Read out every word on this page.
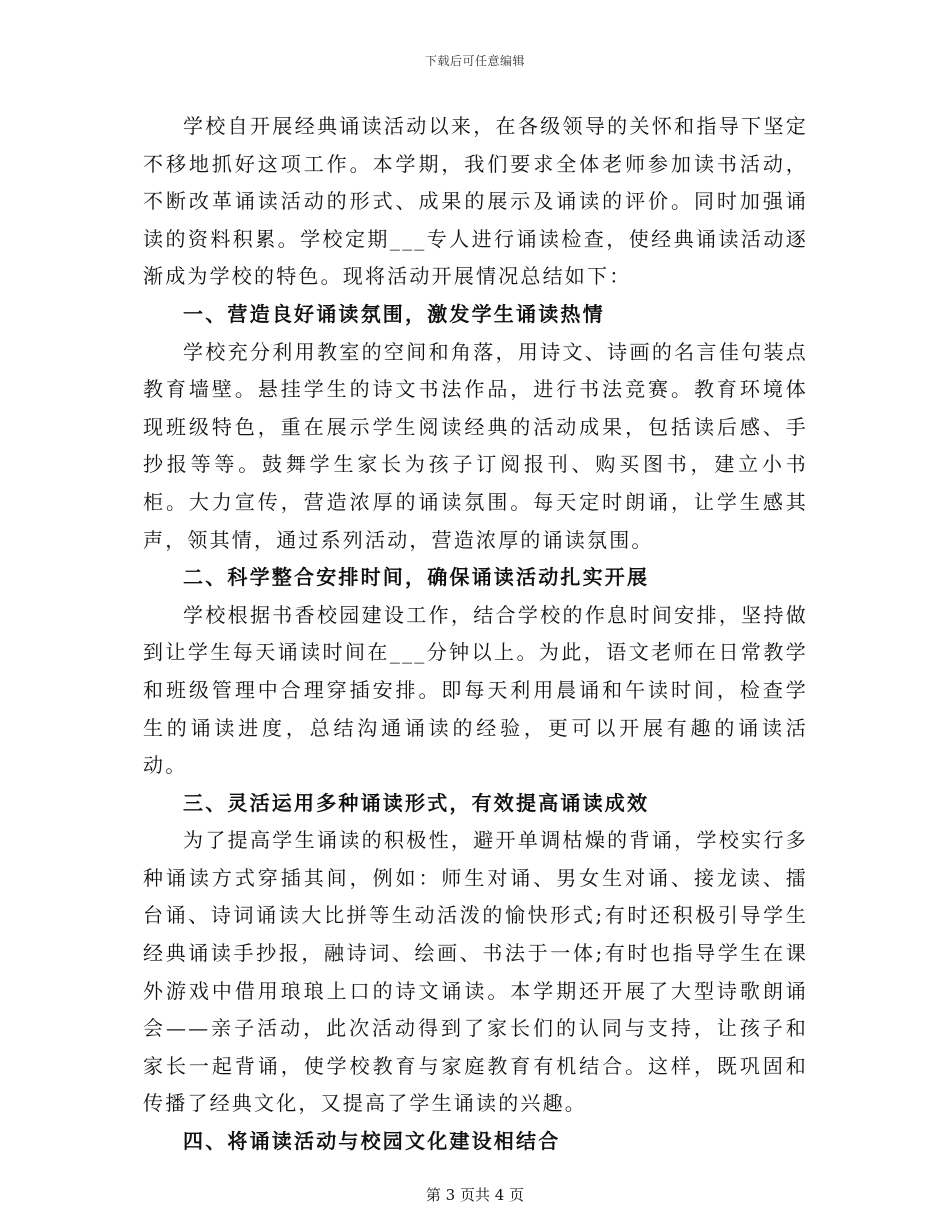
下载后可任意编辑

学校自开展经典诵读活动以来，在各级领导的关怀和指导下坚定不移地抓好这项工作。本学期，我们要求全体老师参加读书活动，不断改革诵读活动的形式、成果的展示及诵读的评价。同时加强诵读的资料积累。学校定期___专人进行诵读检查，使经典诵读活动逐渐成为学校的特色。现将活动开展情况总结如下：

一、营造良好诵读氛围，激发学生诵读热情

学校充分利用教室的空间和角落，用诗文、诗画的名言佳句装点教育墙壁。悬挂学生的诗文书法作品，进行书法竞赛。教育环境体现班级特色，重在展示学生阅读经典的活动成果，包括读后感、手抄报等等。鼓舞学生家长为孩子订阅报刊、购买图书，建立小书柜。大力宣传，营造浓厚的诵读氛围。每天定时朗诵，让学生感其声，领其情，通过系列活动，营造浓厚的诵读氛围。

二、科学整合安排时间，确保诵读活动扎实开展

学校根据书香校园建设工作，结合学校的作息时间安排，坚持做到让学生每天诵读时间在___分钟以上。为此，语文老师在日常教学和班级管理中合理穿插安排。即每天利用晨诵和午读时间，检查学生的诵读进度，总结沟通诵读的经验，更可以开展有趣的诵读活动。

三、灵活运用多种诵读形式，有效提高诵读成效

为了提高学生诵读的积极性，避开单调枯燥的背诵，学校实行多种诵读方式穿插其间，例如：师生对诵、男女生对诵、接龙读、擂台诵、诗词诵读大比拼等生动活泼的愉快形式;有时还积极引导学生经典诵读手抄报，融诗词、绘画、书法于一体;有时也指导学生在课外游戏中借用琅琅上口的诗文诵读。本学期还开展了大型诗歌朗诵会——亲子活动，此次活动得到了家长们的认同与支持，让孩子和家长一起背诵，使学校教育与家庭教育有机结合。这样，既巩固和传播了经典文化，又提高了学生诵读的兴趣。

四、将诵读活动与校园文化建设相结合

第 3 页共 4 页
